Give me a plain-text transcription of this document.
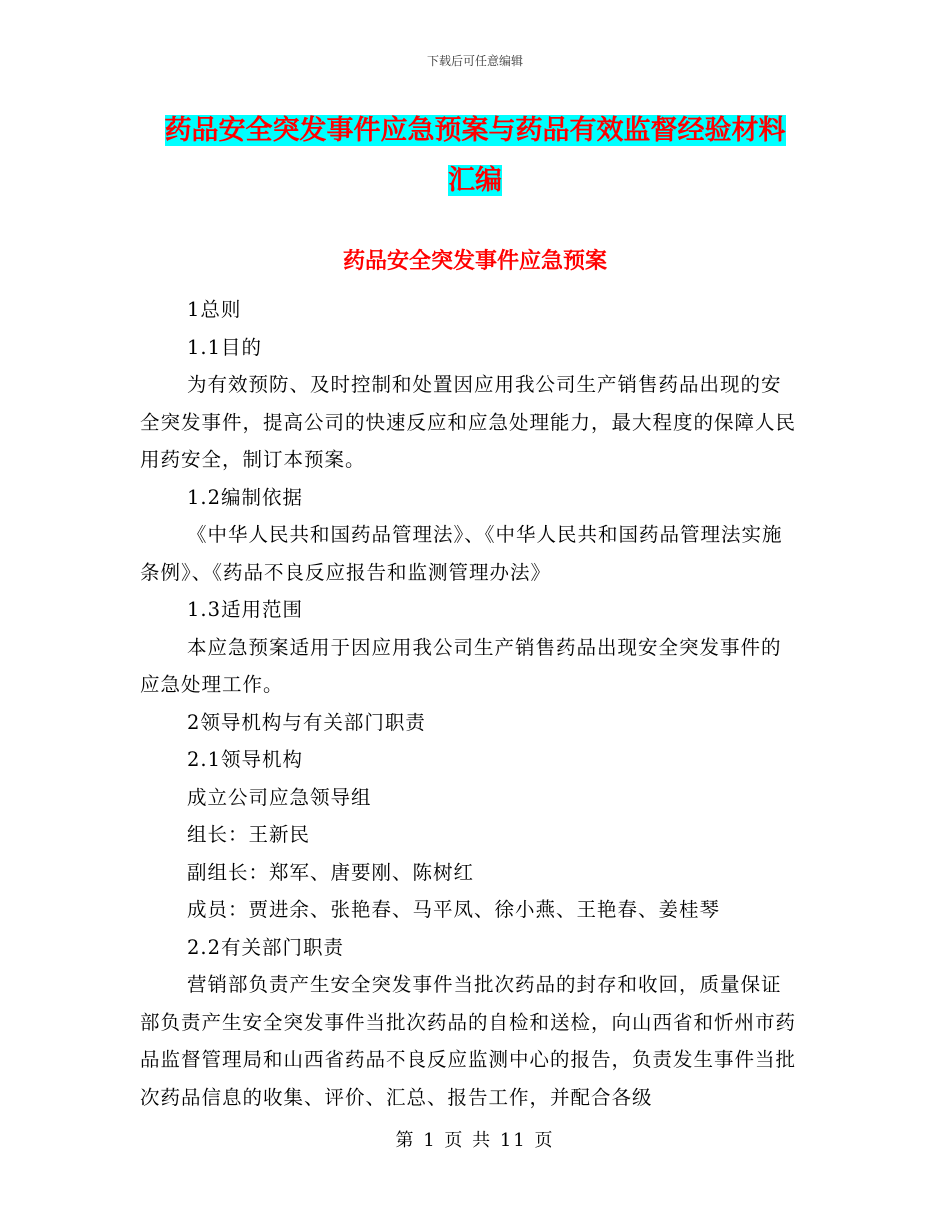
下载后可任意编辑
药品安全突发事件应急预案与药品有效监督经验材料
汇编
药品安全突发事件应急预案

1总则

1.1目的

为有效预防、及时控制和处置因应用我公司生产销售药品出现的安全突发事件，提高公司的快速反应和应急处理能力，最大程度的保障人民用药安全，制订本预案。

1.2编制依据

《中华人民共和国药品管理法》、《中华人民共和国药品管理法实施条例》、《药品不良反应报告和监测管理办法》

1.3适用范围

本应急预案适用于因应用我公司生产销售药品出现安全突发事件的应急处理工作。

2领导机构与有关部门职责

2.1领导机构

成立公司应急领导组

组长：王新民

副组长：郑军、唐要刚、陈树红

成员：贾进余、张艳春、马平凤、徐小燕、王艳春、姜桂琴

2.2有关部门职责

营销部负责产生安全突发事件当批次药品的封存和收回，质量保证部负责产生安全突发事件当批次药品的自检和送检，向山西省和忻州市药品监督管理局和山西省药品不良反应监测中心的报告，负责发生事件当批次药品信息的收集、评价、汇总、报告工作，并配合各级

第 1 页 共 11 页
